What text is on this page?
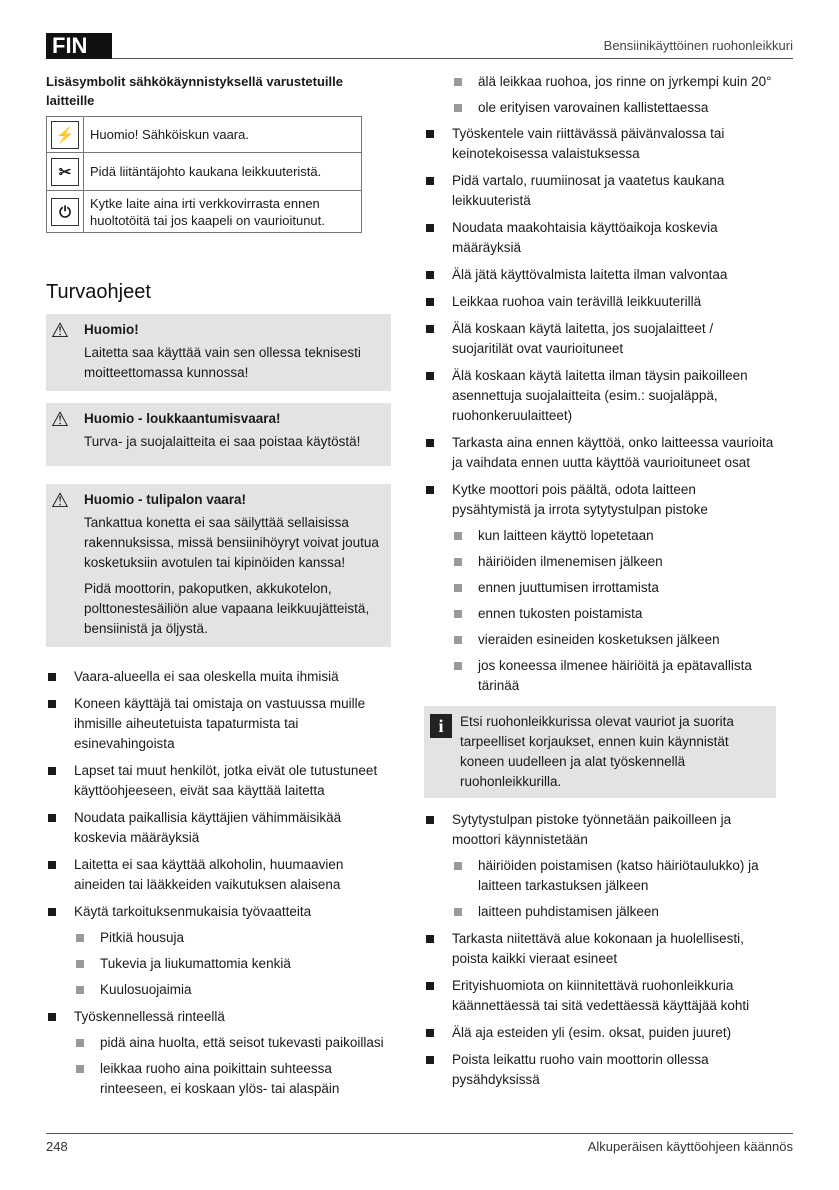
FIN	Bensiinikäyttöinen ruohonleikkuri
Lisäsymbolit sähkökäynnistyksellä varustetuille laitteille
⚡	Huomio! Sähköiskun vaara.
✂	Pidä liitäntäjohto kaukana leikkuuteristä.
⏻	Kytke laite aina irti verkkovirrasta ennen huoltotöitä tai jos kaapeli on vaurioitunut.
Turvaohjeet
⚠	Huomio!
Laitetta saa käyttää vain sen ollessa teknisesti moitteettomassa kunnossa!
⚠	Huomio - loukkaantumisvaara!
Turva- ja suojalaitteita ei saa poistaa käytöstä!
⚠	Huomio - tulipalon vaara!
Tankattua konetta ei saa säilyttää sellaisissa rakennuksissa, missä bensiinihöyryt voivat joutua kosketuksiin avotulen tai kipinöiden kanssa!
Pidä moottorin, pakoputken, akkukotelon, polttonestesäiliön alue vapaana leikkuujätteistä, bensiinistä ja öljystä.
Vaara-alueella ei saa oleskella muita ihmisiä
Koneen käyttäjä tai omistaja on vastuussa muille ihmisille aiheutetuista tapaturmista tai esinevahingoista
Lapset tai muut henkilöt, jotka eivät ole tutustuneet käyttöohjeeseen, eivät saa käyttää laitetta
Noudata paikallisia käyttäjien vähimmäisikää koskevia määräyksiä
Laitetta ei saa käyttää alkoholin, huumaavien aineiden tai lääkkeiden vaikutuksen alaisena
Käytä tarkoituksenmukaisia työvaatteita
Pitkiä housuja
Tukevia ja liukumattomia kenkiä
Kuulosuojaimia
Työskennellessä rinteellä
pidä aina huolta, että seisot tukevasti paikoillasi
leikkaa ruoho aina poikittain suhteessa rinteeseen, ei koskaan ylös- tai alaspäin
älä leikkaa ruohoa, jos rinne on jyrkempi kuin 20°
ole erityisen varovainen kallistettaessa
Työskentele vain riittävässä päivänvalossa tai keinotekoisessa valaistuksessa
Pidä vartalo, ruumiinosat ja vaatetus kaukana leikkuuteristä
Noudata maakohtaisia käyttöaikoja koskevia määräyksiä
Älä jätä käyttövalmista laitetta ilman valvontaa
Leikkaa ruohoa vain terävillä leikkuuterillä
Älä koskaan käytä laitetta, jos suojalaitteet / suojaritilät ovat vaurioituneet
Älä koskaan käytä laitetta ilman täysin paikoilleen asennettuja suojalaitteita (esim.: suojaläppä, ruohonkeruulaitteet)
Tarkasta aina ennen käyttöä, onko laitteessa vaurioita ja vaihdata ennen uutta käyttöä vaurioituneet osat
Kytke moottori pois päältä, odota laitteen pysähtymistä ja irrota sytytystulpan pistoke
kun laitteen käyttö lopetetaan
häiriöiden ilmenemisen jälkeen
ennen juuttumisen irrottamista
ennen tukosten poistamista
vieraiden esineiden kosketuksen jälkeen
jos koneessa ilmenee häiriöitä ja epätavallista tärinää
i	Etsi ruohonleikkurissa olevat vauriot ja suorita tarpeelliset korjaukset, ennen kuin käynnistät koneen uudelleen ja alat työskennellä ruohonleikkurilla.
Sytytystulpan pistoke työnnetään paikoilleen ja moottori käynnistetään
häiriöiden poistamisen (katso häiriötaulukko) ja laitteen tarkastuksen jälkeen
laitteen puhdistamisen jälkeen
Tarkasta niitettävä alue kokonaan ja huolellisesti, poista kaikki vieraat esineet
Erityishuomiota on kiinnitettävä ruohonleikkuria käännettäessä tai sitä vedettäessä käyttäjää kohti
Älä aja esteiden yli (esim. oksat, puiden juuret)
Poista leikattu ruoho vain moottorin ollessa pysähdyksissä
248	Alkuperäisen käyttöohjeen käännös
